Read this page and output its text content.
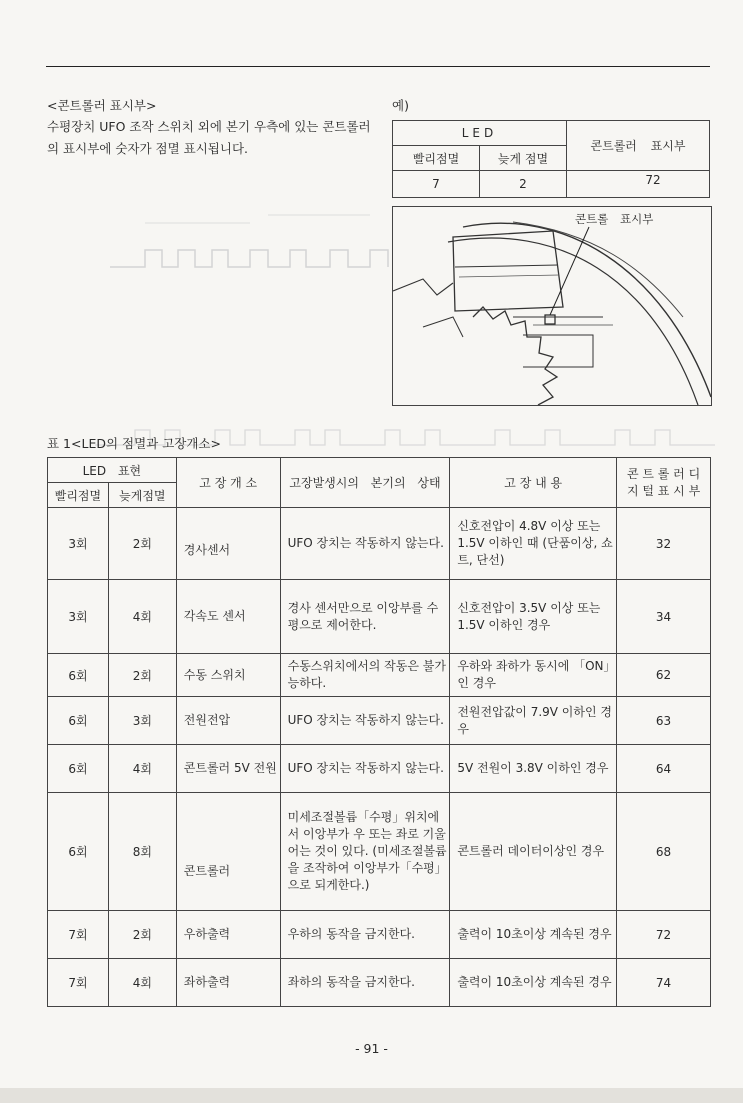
<콘트롤러 표시부>
수평장치 UFO 조작 스위치 외에 본기 우측에 있는 콘트롤러의 표시부에 숫자가 점멸 표시됩니다.
예)
LED		콘트롤러 표시부
빨리점멸	늦게 점멸	
7	2	72
콘트롤 표시부
표 1<LED의 점멸과 고장개소>
LED 표현		고 장 개 소	고장발생시의 본기의 상태	고 장 내 용	콘 트 롤 러 디 지 털 표 시 부
빨리점멸	늦게점멸				
3회	2회	경사센서	UFO 장치는 작동하지 않는다.	신호전압이 4.8V 이상 또는 1.5V 이하인 때 (단품이상, 쇼트, 단선)	32
3회	4회	각속도 센서	경사 센서만으로 이앙부를 수평으로 제어한다.	신호전압이 3.5V 이상 또는 1.5V 이하인 경우	34
6회	2회	수동 스위치	수동스위치에서의 작동은 불가능하다.	우하와 좌하가 동시에 「ON」인 경우	62
6회	3회	전원전압	UFO 장치는 작동하지 않는다.	전원전압값이 7.9V 이하인 경우	63
6회	4회	콘트롤러 5V 전원	UFO 장치는 작동하지 않는다.	5V 전원이 3.8V 이하인 경우	64
6회	8회	콘트롤러	미세조절볼륨「수평」위치에서 이앙부가 우 또는 좌로 기울어는 것이 있다. (미세조절볼륨을 조작하여 이앙부가「수평」으로 되게한다.)	콘트롤러 데이터이상인 경우	68
7회	2회	우하출력	우하의 동작을 금지한다.	출력이 10초이상 계속된 경우	72
7회	4회	좌하출력	좌하의 동작을 금지한다.	출력이 10초이상 계속된 경우	74
- 91 -
